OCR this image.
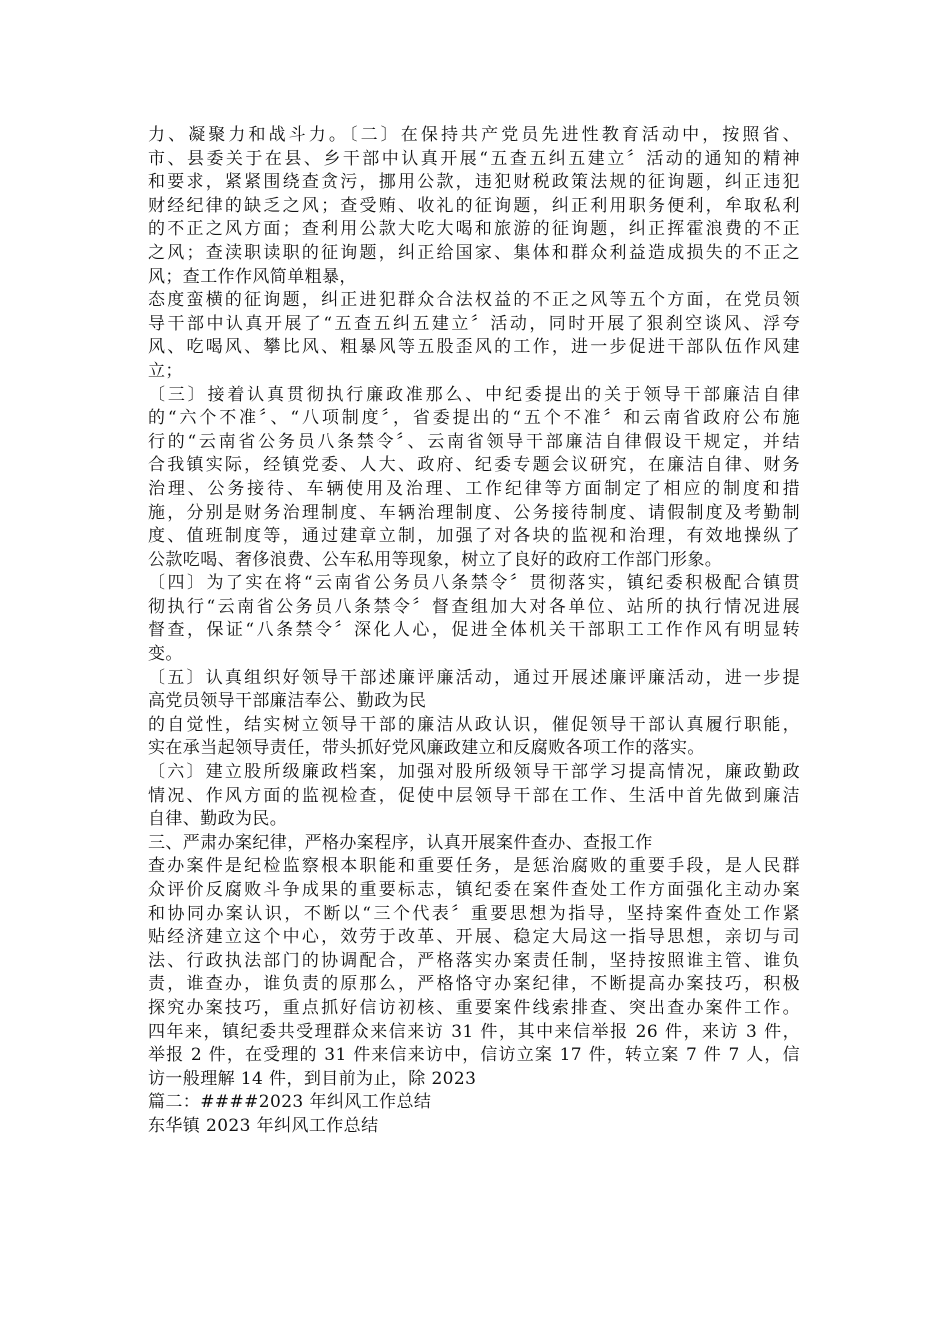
力、凝聚力和战斗力。〔二〕在保持共产党员先进性教育活动中，按照省、
市、县委关于在县、乡干部中认真开展“五查五纠五建立〞活动的通知的精神
和要求，紧紧围绕查贪污，挪用公款，违犯财税政策法规的征询题，纠正违犯
财经纪律的缺乏之风；查受贿、收礼的征询题，纠正利用职务便利，牟取私利
的不正之风方面；查利用公款大吃大喝和旅游的征询题，纠正挥霍浪费的不正
之风；查渎职读职的征询题，纠正给国家、集体和群众利益造成损失的不正之
风；查工作作风简单粗暴，
态度蛮横的征询题，纠正进犯群众合法权益的不正之风等五个方面，在党员领
导干部中认真开展了“五查五纠五建立〞活动，同时开展了狠刹空谈风、浮夸
风、吃喝风、攀比风、粗暴风等五股歪风的工作，进一步促进干部队伍作风建
立；
〔三〕接着认真贯彻执行廉政准那么、中纪委提出的关于领导干部廉洁自律
的“六个不准〞、“八项制度〞，省委提出的“五个不准〞和云南省政府公布施
行的“云南省公务员八条禁令〞、云南省领导干部廉洁自律假设干规定，并结
合我镇实际，经镇党委、人大、政府、纪委专题会议研究，在廉洁自律、财务
治理、公务接待、车辆使用及治理、工作纪律等方面制定了相应的制度和措
施，分别是财务治理制度、车辆治理制度、公务接待制度、请假制度及考勤制
度、值班制度等，通过建章立制，加强了对各块的监视和治理，有效地操纵了
公款吃喝、奢侈浪费、公车私用等现象，树立了良好的政府工作部门形象。
〔四〕为了实在将“云南省公务员八条禁令〞贯彻落实，镇纪委积极配合镇贯
彻执行“云南省公务员八条禁令〞督查组加大对各单位、站所的执行情况进展
督查，保证“八条禁令〞深化人心，促进全体机关干部职工工作作风有明显转
变。
〔五〕认真组织好领导干部述廉评廉活动，通过开展述廉评廉活动，进一步提
高党员领导干部廉洁奉公、勤政为民
的自觉性，结实树立领导干部的廉洁从政认识，催促领导干部认真履行职能，
实在承当起领导责任，带头抓好党风廉政建立和反腐败各项工作的落实。
〔六〕建立股所级廉政档案，加强对股所级领导干部学习提高情况，廉政勤政
情况、作风方面的监视检查，促使中层领导干部在工作、生活中首先做到廉洁
自律、勤政为民。
三、严肃办案纪律，严格办案程序，认真开展案件查办、查报工作
查办案件是纪检监察根本职能和重要任务，是惩治腐败的重要手段，是人民群
众评价反腐败斗争成果的重要标志，镇纪委在案件查处工作方面强化主动办案
和协同办案认识，不断以“三个代表〞重要思想为指导，坚持案件查处工作紧
贴经济建立这个中心，效劳于改革、开展、稳定大局这一指导思想，亲切与司
法、行政执法部门的协调配合，严格落实办案责任制，坚持按照谁主管、谁负
责，谁查办，谁负责的原那么，严格恪守办案纪律，不断提高办案技巧，积极
探究办案技巧，重点抓好信访初核、重要案件线索排查、突出查办案件工作。
四年来，镇纪委共受理群众来信来访 31 件，其中来信举报 26 件，来访 3 件，
举报 2 件，在受理的 31 件来信来访中，信访立案 17 件，转立案 7 件 7 人，信
访一般理解 14 件，到目前为止，除 2023
篇二：####2023 年纠风工作总结
东华镇 2023 年纠风工作总结
